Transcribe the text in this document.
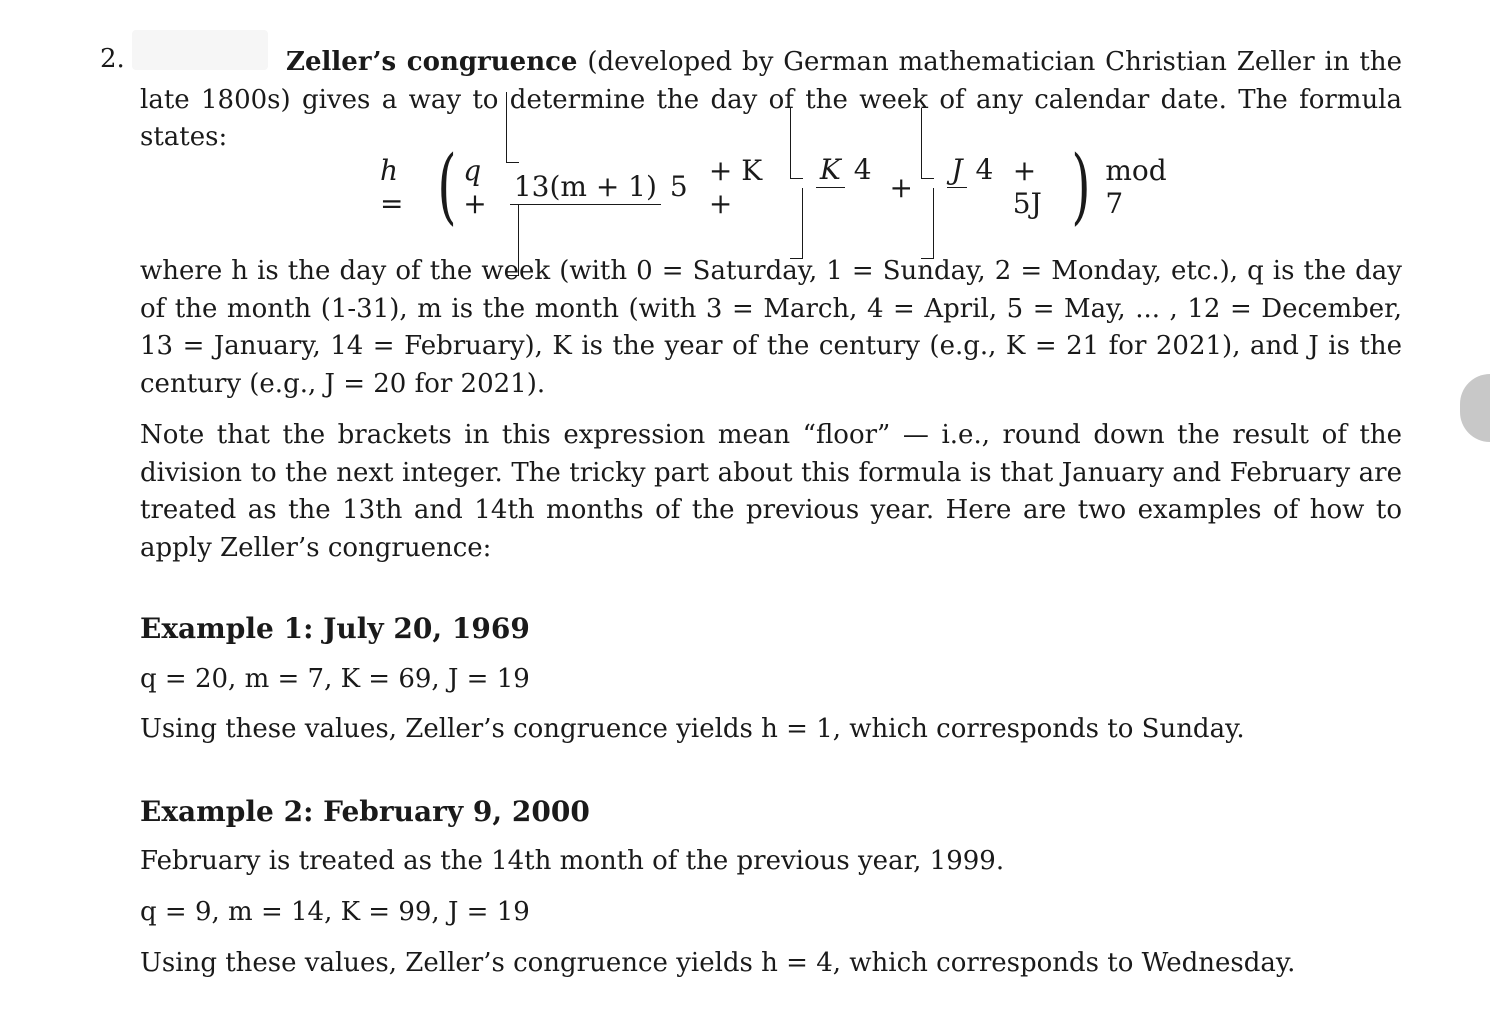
2.	Zeller’s congruence (developed by German mathematician Christian Zeller in the late 1800s) gives a way to determine the day of the week of any calendar date. The formula states:
h = ( q +
13(m + 1) 5 + K +
K 4
+
J 4 + 5J ) mod 7
where h is the day of the week (with 0 = Saturday, 1 = Sunday, 2 = Monday, etc.), q is the day of the month (1-31), m is the month (with 3 = March, 4 = April, 5 = May, ... , 12 = December, 13 = January, 14 = February), K is the year of the century (e.g., K = 21 for 2021), and J is the century (e.g., J = 20 for 2021).
Note that the brackets in this expression mean “floor” — i.e., round down the result of the division to the next integer. The tricky part about this formula is that January and February are treated as the 13th and 14th months of the previous year. Here are two examples of how to apply Zeller’s congruence:
Example 1: July 20, 1969
q = 20, m = 7, K = 69, J = 19
Using these values, Zeller’s congruence yields h = 1, which corresponds to Sunday.
Example 2: February 9, 2000
February is treated as the 14th month of the previous year, 1999.
q = 9, m = 14, K = 99, J = 19
Using these values, Zeller’s congruence yields h = 4, which corresponds to Wednesday.
